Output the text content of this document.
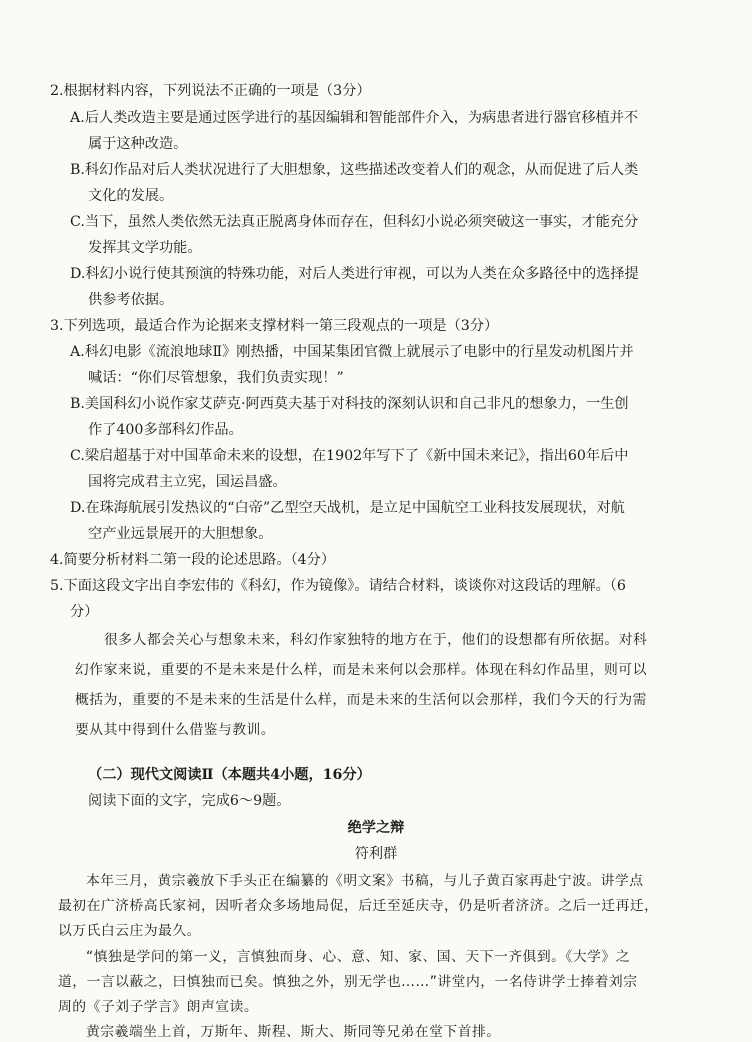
2.根据材料内容，下列说法不正确的一项是（3分）
A.后人类改造主要是通过医学进行的基因编辑和智能部件介入，为病患者进行器官移植并不
属于这种改造。
B.科幻作品对后人类状况进行了大胆想象，这些描述改变着人们的观念，从而促进了后人类
文化的发展。
C.当下，虽然人类依然无法真正脱离身体而存在，但科幻小说必须突破这一事实，才能充分
发挥其文学功能。
D.科幻小说行使其预演的特殊功能，对后人类进行审视，可以为人类在众多路径中的选择提
供参考依据。
3.下列选项，最适合作为论据来支撑材料一第三段观点的一项是（3分）
A.科幻电影《流浪地球Ⅱ》刚热播，中国某集团官微上就展示了电影中的行星发动机图片并
喊话：“你们尽管想象，我们负责实现！”
B.美国科幻小说作家艾萨克·阿西莫夫基于对科技的深刻认识和自己非凡的想象力，一生创
作了400多部科幻作品。
C.梁启超基于对中国革命未来的设想，在1902年写下了《新中国未来记》，指出60年后中
国将完成君主立宪，国运昌盛。
D.在珠海航展引发热议的“白帝”乙型空天战机，是立足中国航空工业科技发展现状，对航
空产业远景展开的大胆想象。
4.简要分析材料二第一段的论述思路。（4分）
5.下面这段文字出自李宏伟的《科幻，作为镜像》。请结合材料，谈谈你对这段话的理解。（6
分）
很多人都会关心与想象未来，科幻作家独特的地方在于，他们的设想都有所依据。对科
幻作家来说，重要的不是未来是什么样，而是未来何以会那样。体现在科幻作品里，则可以
概括为，重要的不是未来的生活是什么样，而是未来的生活何以会那样，我们今天的行为需
要从其中得到什么借鉴与教训。
（二）现代文阅读Ⅱ（本题共4小题，16分）
阅读下面的文字，完成6～9题。
绝学之辩
符利群
本年三月，黄宗羲放下手头正在编纂的《明文案》书稿，与儿子黄百家再赴宁波。讲学点
最初在广济桥高氏家祠，因听者众多场地局促，后迁至延庆寺，仍是听者济济。之后一迁再迁，
以万氏白云庄为最久。
“慎独是学问的第一义，言慎独而身、心、意、知、家、国、天下一齐俱到。《大学》之
道，一言以蔽之，曰慎独而已矣。慎独之外，别无学也……”讲堂内，一名侍讲学士捧着刘宗
周的《子刘子学言》朗声宣读。
黄宗羲端坐上首，万斯年、斯程、斯大、斯同等兄弟在堂下首排。
